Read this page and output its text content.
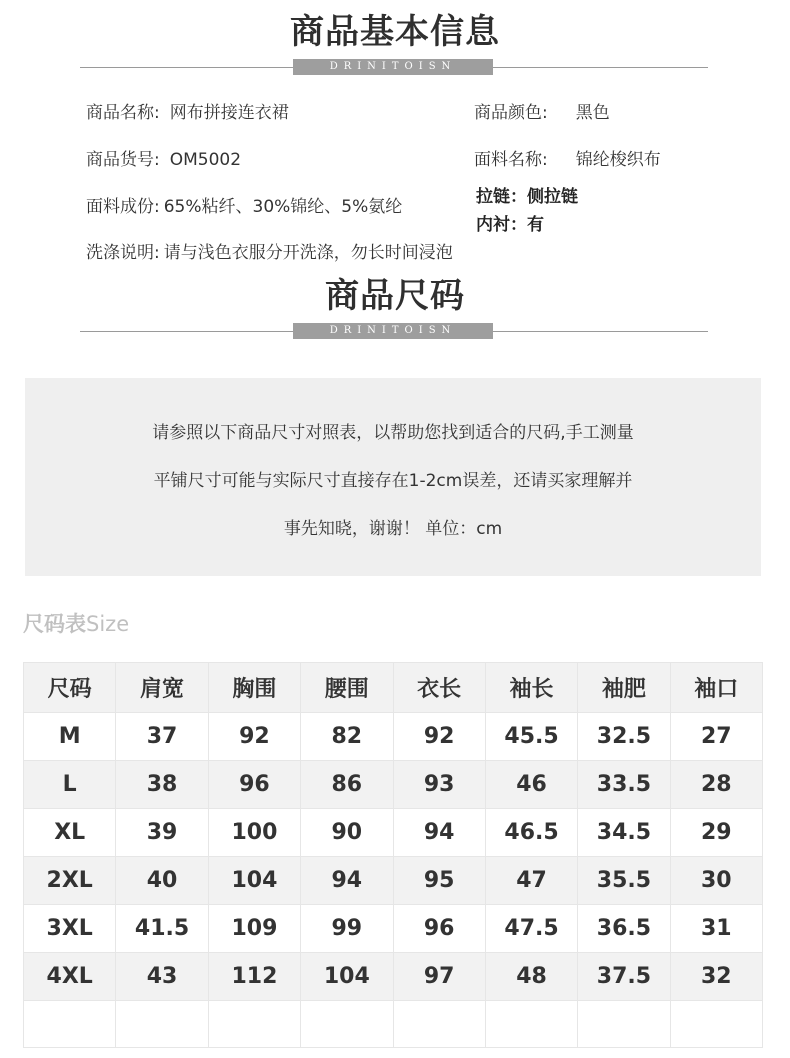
商品基本信息
DRINITOISN
商品名称: 网布拼接连衣裙	商品颜色: 黑色
商品货号: OM5002	面料名称: 锦纶梭织布
面料成份: 65%粘纤、30%锦纶、5%氨纶	拉链：侧拉链
内衬：有
洗涤说明: 请与浅色衣服分开洗涤，勿长时间浸泡
商品尺码
DRINITOISN
请参照以下商品尺寸对照表，以帮助您找到适合的尺码,手工测量
平铺尺寸可能与实际尺寸直接存在1-2cm误差，还请买家理解并
事先知晓，谢谢！ 单位：cm
尺码表Size
尺码	肩宽	胸围	腰围	衣长	袖长	袖肥	袖口
M	37	92	82	92	45.5	32.5	27
L	38	96	86	93	46	33.5	28
XL	39	100	90	94	46.5	34.5	29
2XL	40	104	94	95	47	35.5	30
3XL	41.5	109	99	96	47.5	36.5	31
4XL	43	112	104	97	48	37.5	32
